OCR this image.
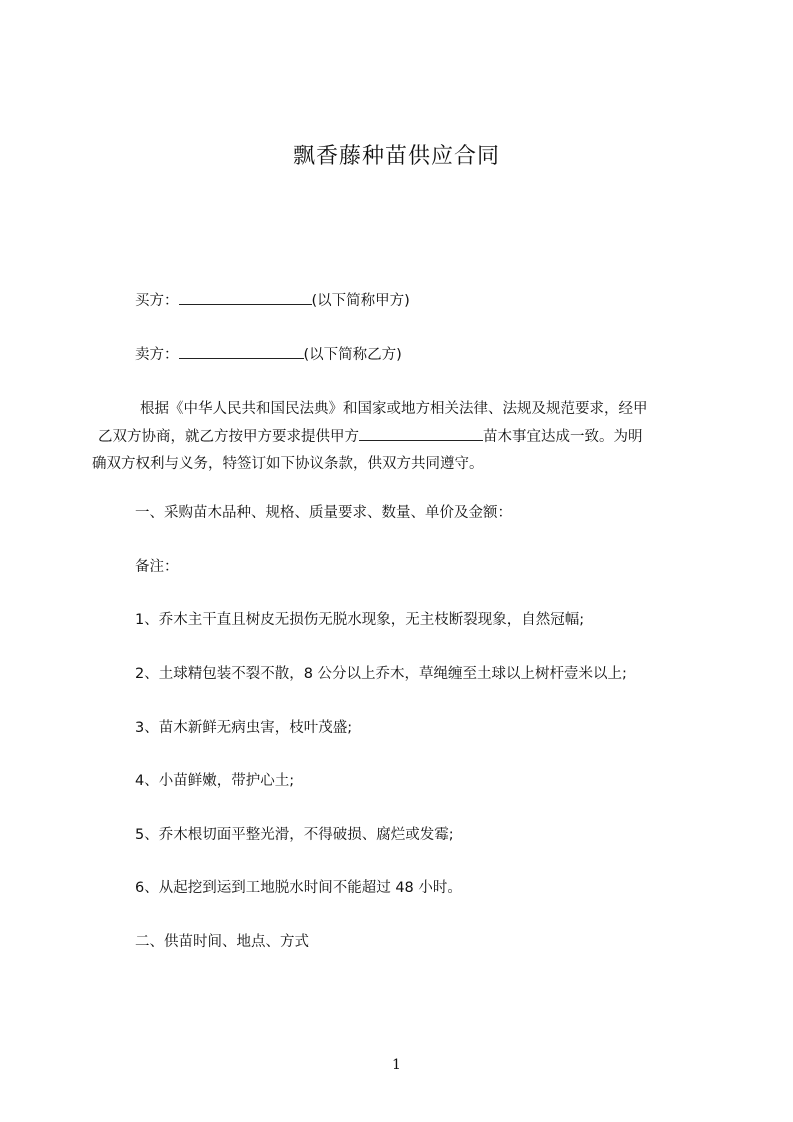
飘香藤种苗供应合同
买方：	(以下简称甲方)
卖方：	(以下简称乙方)
根据《中华人民共和国民法典》和国家或地方相关法律、法规及规范要求，经甲
乙双方协商，就乙方按甲方要求提供甲方	苗木事宜达成一致。为明
确双方权利与义务，特签订如下协议条款，供双方共同遵守。
一、采购苗木品种、规格、质量要求、数量、单价及金额：
备注：
1、乔木主干直且树皮无损伤无脱水现象，无主枝断裂现象，自然冠幅;
2、土球精包装不裂不散，8 公分以上乔木，草绳缠至土球以上树杆壹米以上;
3、苗木新鲜无病虫害，枝叶茂盛;
4、小苗鲜嫩，带护心土;
5、乔木根切面平整光滑，不得破损、腐烂或发霉;
6、从起挖到运到工地脱水时间不能超过 48 小时。
二、供苗时间、地点、方式
1
